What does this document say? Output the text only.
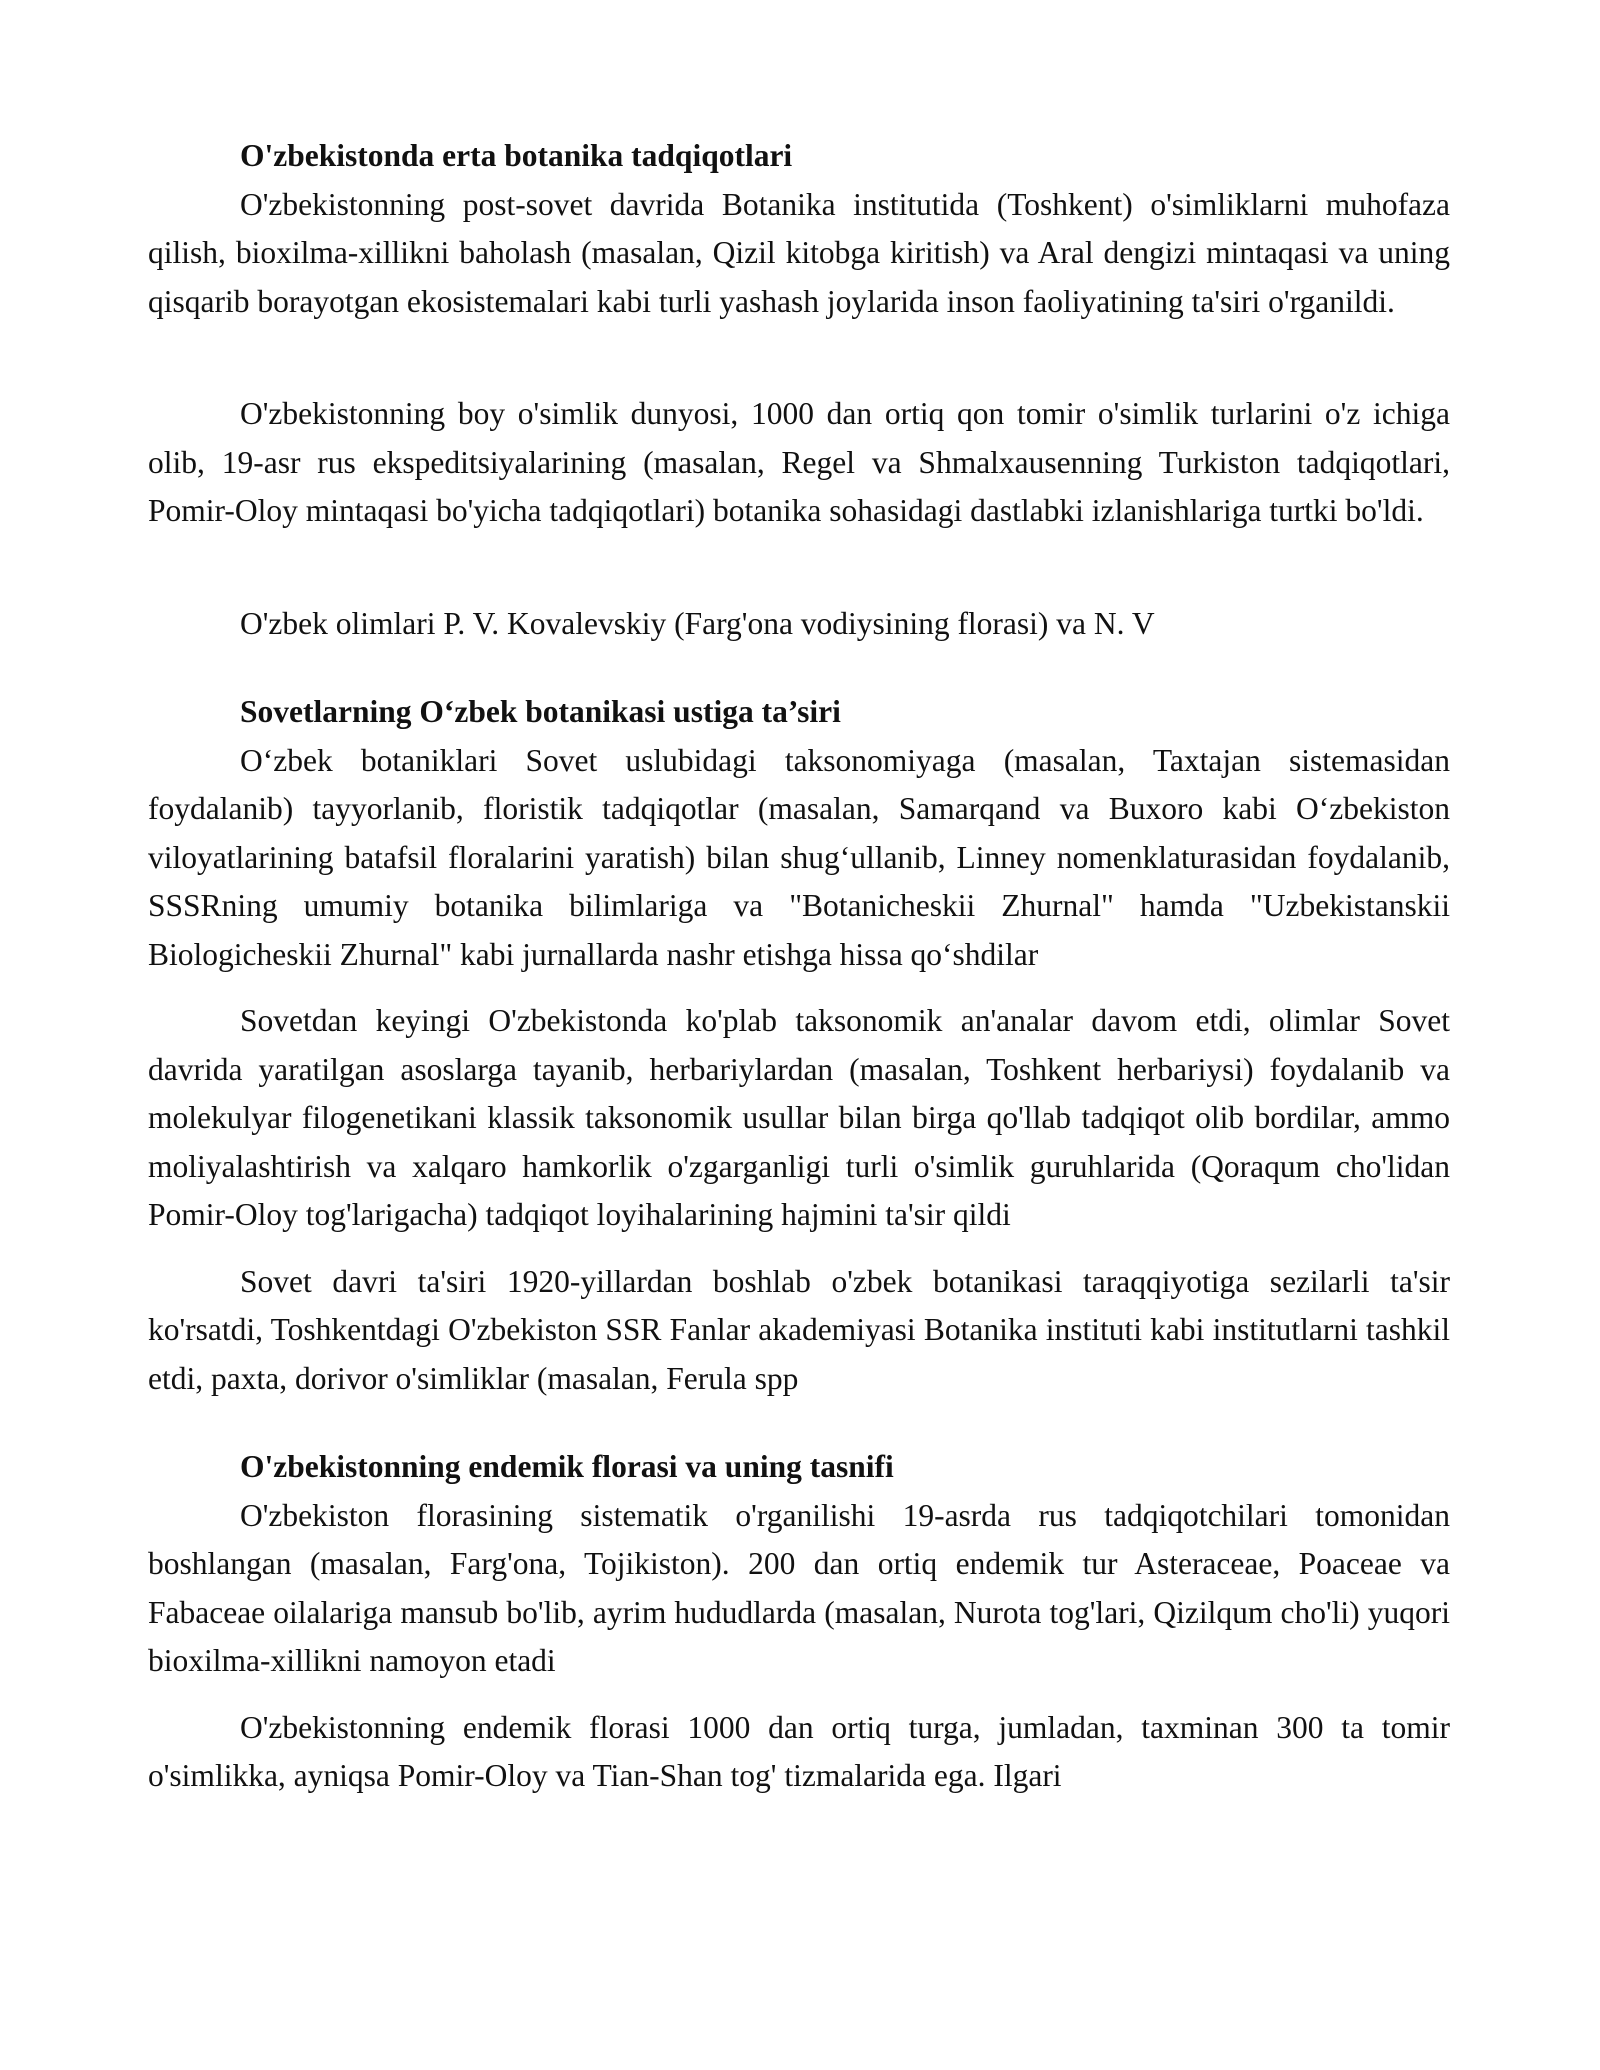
O'zbekistonda erta botanika tadqiqotlari

O'zbekistonning post-sovet davrida Botanika institutida (Toshkent) o'simliklarni muhofaza qilish, bioxilma-xillikni baholash (masalan, Qizil kitobga kiritish) va Aral dengizi mintaqasi va uning qisqarib borayotgan ekosistemalari kabi turli yashash joylarida inson faoliyatining ta'siri o'rganildi.

O'zbekistonning boy o'simlik dunyosi, 1000 dan ortiq qon tomir o'simlik turlarini o'z ichiga olib, 19-asr rus ekspeditsiyalarining (masalan, Regel va Shmalxausenning Turkiston tadqiqotlari, Pomir-Oloy mintaqasi bo'yicha tadqiqotlari) botanika sohasidagi dastlabki izlanishlariga turtki bo'ldi.

O'zbek olimlari P. V. Kovalevskiy (Farg'ona vodiysining florasi) va N. V

Sovetlarning O‘zbek botanikasi ustiga ta’siri

O‘zbek botaniklari Sovet uslubidagi taksonomiyaga (masalan, Taxtajan sistemasidan foydalanib) tayyorlanib, floristik tadqiqotlar (masalan, Samarqand va Buxoro kabi O‘zbekiston viloyatlarining batafsil floralarini yaratish) bilan shug‘ullanib, Linney nomenklaturasidan foydalanib, SSSRning umumiy botanika bilimlariga va "Botanicheskii Zhurnal" hamda "Uzbekistanskii Biologicheskii Zhurnal" kabi jurnallarda nashr etishga hissa qo‘shdilar

Sovetdan keyingi O'zbekistonda ko'plab taksonomik an'analar davom etdi, olimlar Sovet davrida yaratilgan asoslarga tayanib, herbariylardan (masalan, Toshkent herbariysi) foydalanib va molekulyar filogenetikani klassik taksonomik usullar bilan birga qo'llab tadqiqot olib bordilar, ammo moliyalashtirish va xalqaro hamkorlik o'zgarganligi turli o'simlik guruhlarida (Qoraqum cho'lidan Pomir-Oloy tog'larigacha) tadqiqot loyihalarining hajmini ta'sir qildi

Sovet davri ta'siri 1920-yillardan boshlab o'zbek botanikasi taraqqiyotiga sezilarli ta'sir ko'rsatdi, Toshkentdagi O'zbekiston SSR Fanlar akademiyasi Botanika instituti kabi institutlarni tashkil etdi, paxta, dorivor o'simliklar (masalan, Ferula spp

O'zbekistonning endemik florasi va uning tasnifi

O'zbekiston florasining sistematik o'rganilishi 19-asrda rus tadqiqotchilari tomonidan boshlangan (masalan, Farg'ona, Tojikiston). 200 dan ortiq endemik tur Asteraceae, Poaceae va Fabaceae oilalariga mansub bo'lib, ayrim hududlarda (masalan, Nurota tog'lari, Qizilqum cho'li) yuqori bioxilma-xillikni namoyon etadi

O'zbekistonning endemik florasi 1000 dan ortiq turga, jumladan, taxminan 300 ta tomir o'simlikka, ayniqsa Pomir-Oloy va Tian-Shan tog' tizmalarida ega. Ilgari
